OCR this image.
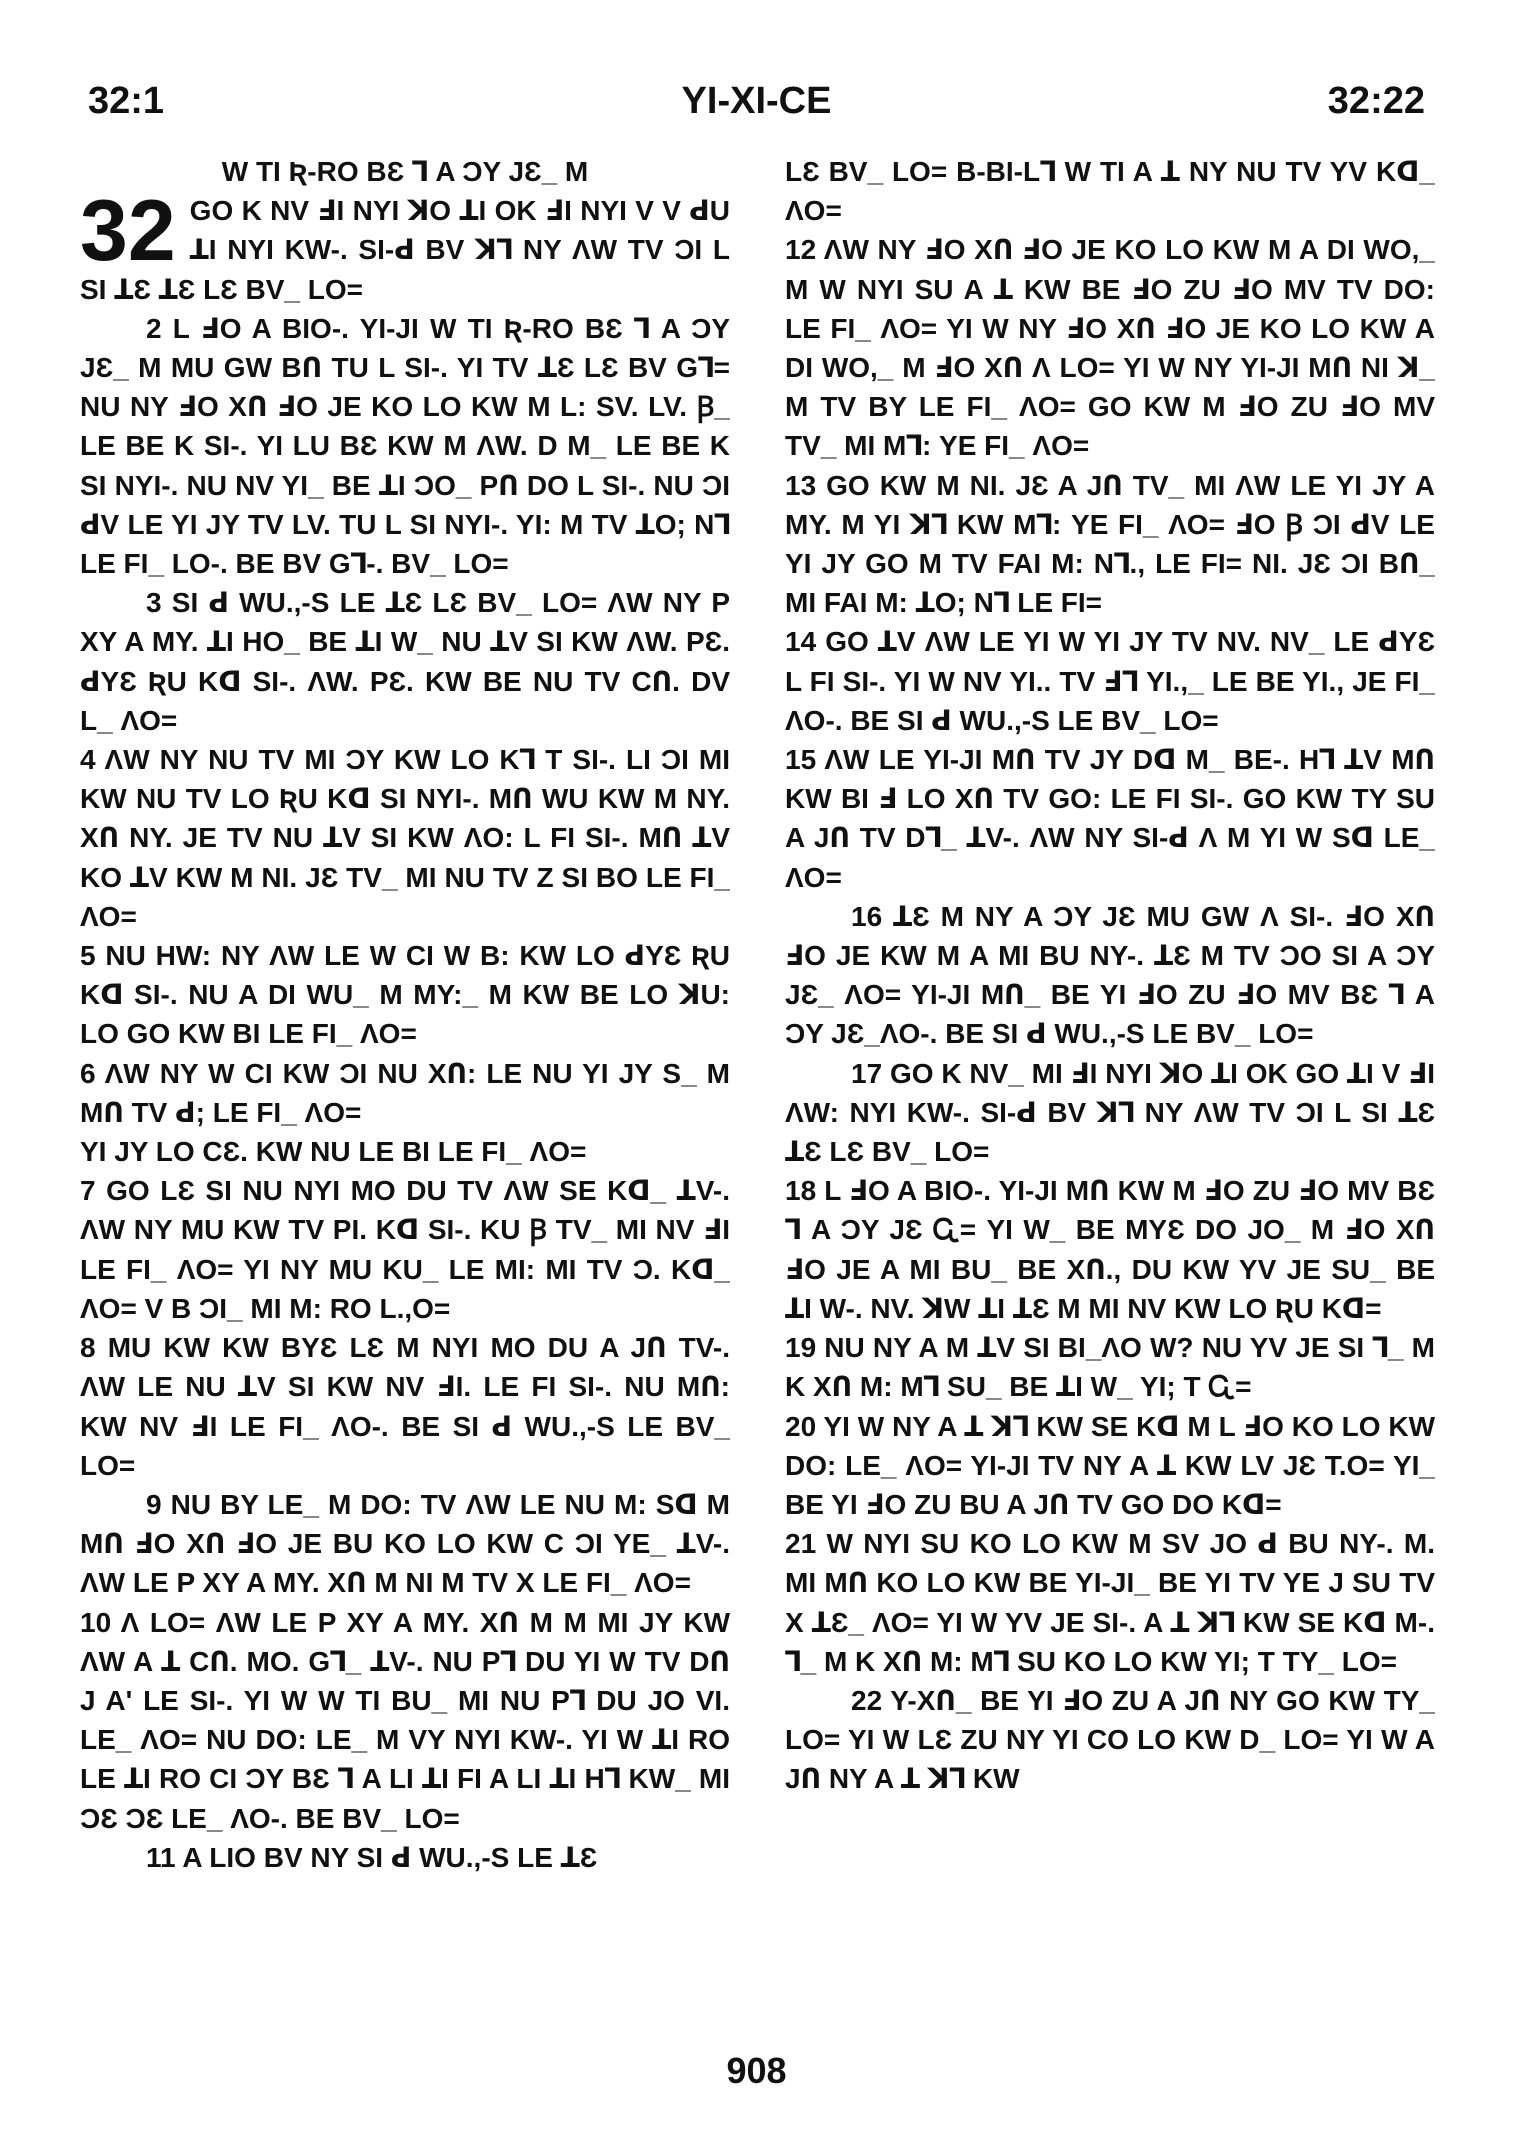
32:1	YI-XI-CE	32:22

W TI Ʀ-RO BƐ ꓶ A ƆY JƐ_ M

32 GO K NV ℲI NYI ꓘO ꓕI OK ℲI NYI V V ꓒU ꓕI NYI KW-. SI-ꓒ BV ꓘꓶ NY ΛW TV ƆI L SI ꓕƐ ꓕƐ LƐ BV_ LO=

2 L ℲO A BIO-. YI-JI W TI Ʀ-RO BƐ ꓶ A ƆY JƐ_ M MU GW BՈ TU L SI-. YI TV ꓕƐ LƐ BV Gꓶ= NU NY ℲO XՈ ℲO JE KO LO KW M L: SV. LV. Ꞵ_ LE BE K SI-. YI LU BƐ KW M ΛW. D M_ LE BE K SI NYI-. NU NV YI_ BE ꓕI ƆO_ PՈ DO L SI-. NU ƆI ꓒV LE YI JY TV LV. TU L SI NYI-. YI: M TV ꓕO; Nꓶ LE FI_ LO-. BE BV Gꓶ-. BV_ LO=

3 SI ꓒ WU.,-S LE ꓕƐ LƐ BV_ LO= ΛW NY P XY A MY. ꓕI HO_ BE ꓕI W_ NU ꓕV SI KW ΛW. PƐ. ꓒYƐ ƦU Kꓷ SI-. ΛW. PƐ. KW BE NU TV CՈ. DV L_ ΛO=

4 ΛW NY NU TV MI ƆY KW LO Kꓶ T SI-. LI ƆI MI KW NU TV LO ƦU Kꓷ SI NYI-. MՈ WU KW M NY. XՈ NY. JE TV NU ꓕV SI KW ΛO: L FI SI-. MՈ ꓕV KO ꓕV KW M NI. JƐ TV_ MI NU TV Z SI BO LE FI_ ΛO=

5 NU HW: NY ΛW LE W CI W B: KW LO ꓒYƐ ƦU Kꓷ SI-. NU A DI WU_ M MY:_ M KW BE LO ꓘU: LO GO KW BI LE FI_ ΛO=

6 ΛW NY W CI KW ƆI NU XՈ: LE NU YI JY S_ M MՈ TV ꓒ; LE FI_ ΛO=

YI JY LO CƐ. KW NU LE BI LE FI_ ΛO=

7 GO LƐ SI NU NYI MO DU TV ΛW SE Kꓷ_ ꓕV-. ΛW NY MU KW TV PI. Kꓷ SI-. KU Ꞵ TV_ MI NV ℲI LE FI_ ΛO= YI NY MU KU_ LE MI: MI TV Ɔ. Kꓷ_ ΛO= V B ƆI_ MI M: RO L.,O=

8 MU KW KW BYƐ LƐ M NYI MO DU A JՈ TV-. ΛW LE NU ꓕV SI KW NV ℲI. LE FI SI-. NU MՈ: KW NV ℲI LE FI_ ΛO-. BE SI ꓒ WU.,-S LE BV_ LO=

9 NU BY LE_ M DO: TV ΛW LE NU M: Sꓷ M MՈ ℲO XՈ ℲO JE BU KO LO KW C ƆI YE_ ꓕV-. ΛW LE P XY A MY. XՈ M NI M TV X LE FI_ ΛO=

10 Λ LO= ΛW LE P XY A MY. XՈ M M MI JY KW ΛW A ꓕ CՈ. MO. Gꓶ_ ꓕV-. NU Pꓶ DU YI W TV DՈ J A' LE SI-. YI W W TI BU_ MI NU Pꓶ DU JO VI. LE_ ΛO= NU DO: LE_ M VY NYI KW-. YI W ꓕI RO LE ꓕI RO CI ƆY BƐ ꓶ A LI ꓕI FI A LI ꓕI Hꓶ KW_ MI ƆƐ ƆƐ LE_ ΛO-. BE BV_ LO=

11 A LIO BV NY SI ꓒ WU.,-S LE ꓕƐ

LƐ BV_ LO= B-BI-Lꓶ W TI A ꓕ NY NU TV YV Kꓷ_ ΛO=

12 ΛW NY ℲO XՈ ℲO JE KO LO KW M A DI WO,_ M W NYI SU A ꓕ KW BE ℲO ZU ℲO MV TV DO: LE FI_ ΛO= YI W NY ℲO XՈ ℲO JE KO LO KW A DI WO,_ M ℲO XՈ Λ LO= YI W NY YI-JI MՈ NI ꓘ_ M TV BY LE FI_ ΛO= GO KW M ℲO ZU ℲO MV TV_ MI Mꓶ: YE FI_ ΛO=

13 GO KW M NI. JƐ A JՈ TV_ MI ΛW LE YI JY A MY. M YI ꓘꓶ KW Mꓶ: YE FI_ ΛO= ℲO Ꞵ ƆI ꓒV LE YI JY GO M TV FAI M: Nꓶ., LE FI= NI. JƐ ƆI BՈ_ MI FAI M: ꓕO; Nꓶ LE FI=

14 GO ꓕV ΛW LE YI W YI JY TV NV. NV_ LE ꓒYƐ L FI SI-. YI W NV YI.. TV Ⅎꓶ YI.,_ LE BE YI., JE FI_ ΛO-. BE SI ꓒ WU.,-S LE BV_ LO=

15 ΛW LE YI-JI MՈ TV JY Dꓷ M_ BE-. Hꓶ ꓕV MՈ KW BI Ⅎ LO XՈ TV GO: LE FI SI-. GO KW TY SU A JՈ TV Dꓶ_ ꓕV-. ΛW NY SI-ꓒ Λ M YI W Sꓷ LE_ ΛO=

16 ꓕƐ M NY A ƆY JƐ MU GW Λ SI-. ℲO XՈ ℲO JE KW M A MI BU NY-. ꓕƐ M TV ƆO SI A ƆY JƐ_ ΛO= YI-JI MՈ_ BE YI ℲO ZU ℲO MV BƐ ꓶ A ƆY JƐ_ΛO-. BE SI ꓒ WU.,-S LE BV_ LO=

17 GO K NV_ MI ℲI NYI ꓘO ꓕI OK GO ꓕI V ℲI ΛW: NYI KW-. SI-ꓒ BV ꓘꓶ NY ΛW TV ƆI L SI ꓕƐ ꓕƐ LƐ BV_ LO=

18 L ℲO A BIO-. YI-JI MՈ KW M ℲO ZU ℲO MV BƐ ꓶ A ƆY JƐ Ꮹ= YI W_ BE MYƐ DO JO_ M ℲO XՈ ℲO JE A MI BU_ BE XՈ., DU KW YV JE SU_ BE ꓕI W-. NV. ꓘW ꓕI ꓕƐ M MI NV KW LO ƦU Kꓷ=

19 NU NY A M ꓕV SI BI_ΛO W? NU YV JE SI ꓶ_ M K XՈ M: Mꓶ SU_ BE ꓕI W_ YI; T Ꮹ=

20 YI W NY A ꓕ ꓘꓶ KW SE Kꓷ M L ℲO KO LO KW DO: LE_ ΛO= YI-JI TV NY A ꓕ KW LV JƐ T.O= YI_ BE YI ℲO ZU BU A JՈ TV GO DO Kꓷ=

21 W NYI SU KO LO KW M SV JO ꓒ BU NY-. M. MI MՈ KO LO KW BE YI-JI_ BE YI TV YE J SU TV X ꓕƐ_ ΛO= YI W YV JE SI-. A ꓕ ꓘꓶ KW SE Kꓷ M-. ꓶ_ M K XՈ M: Mꓶ SU KO LO KW YI; T TY_ LO=

22 Y-XՈ_ BE YI ℲO ZU A JՈ NY GO KW TY_ LO= YI W LƐ ZU NY YI CO LO KW D_ LO= YI W A JՈ NY A ꓕ ꓘꓶ KW

908
